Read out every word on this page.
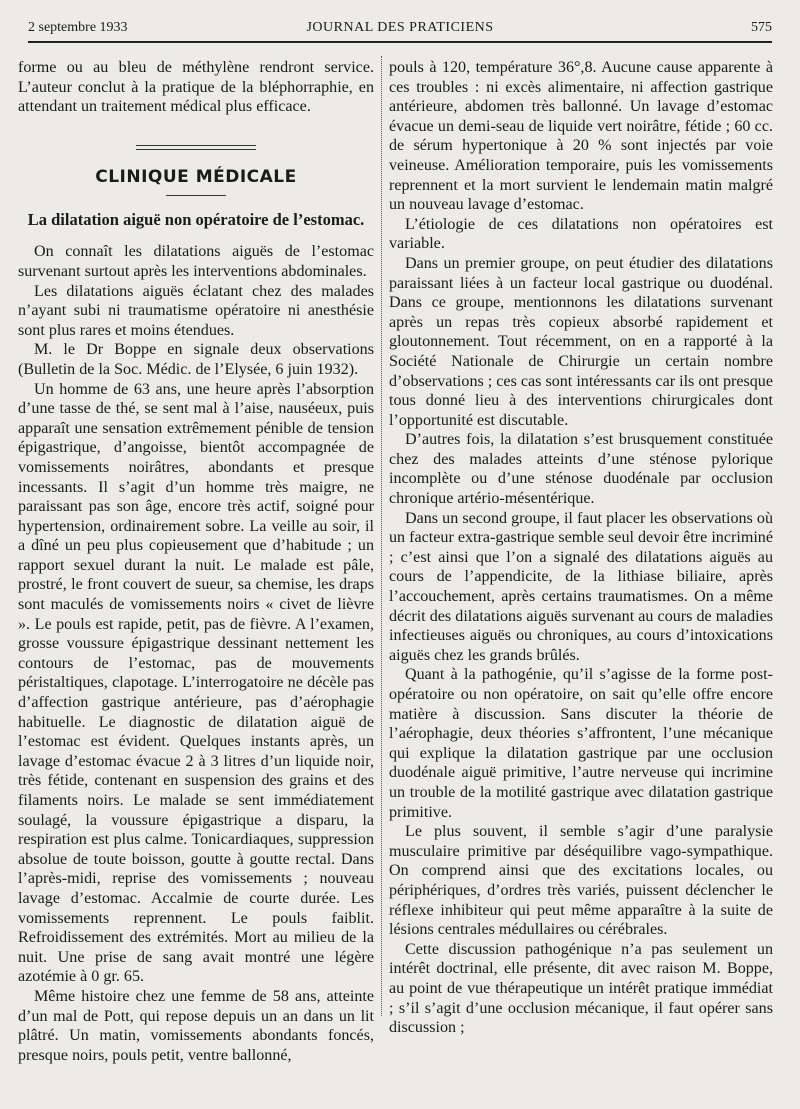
2 septembre 1933	JOURNAL DES PRATICIENS	575

forme ou au bleu de méthylène rendront service. L’auteur conclut à la pratique de la bléphorraphie, en attendant un traitement médical plus efficace.

CLINIQUE MÉDICALE
La dilatation aiguë non opératoire de l’estomac.

On connaît les dilatations aiguës de l’estomac survenant surtout après les interventions abdominales.

Les dilatations aiguës éclatant chez des malades n’ayant subi ni traumatisme opératoire ni anesthésie sont plus rares et moins étendues.

M. le Dr Boppe en signale deux observations (Bulletin de la Soc. Médic. de l’Elysée, 6 juin 1932).

Un homme de 63 ans, une heure après l’absorption d’une tasse de thé, se sent mal à l’aise, nauséeux, puis apparaît une sensation extrêmement pénible de tension épigastrique, d’angoisse, bientôt accompagnée de vomissements noirâtres, abondants et presque incessants. Il s’agit d’un homme très maigre, ne paraissant pas son âge, encore très actif, soigné pour hypertension, ordinairement sobre. La veille au soir, il a dîné un peu plus copieusement que d’habitude ; un rapport sexuel durant la nuit. Le malade est pâle, prostré, le front couvert de sueur, sa chemise, les draps sont maculés de vomissements noirs « civet de lièvre ». Le pouls est rapide, petit, pas de fièvre. A l’examen, grosse voussure épigastrique dessinant nettement les contours de l’estomac, pas de mouvements péristaltiques, clapotage. L’interrogatoire ne décèle pas d’affection gastrique antérieure, pas d’aérophagie habituelle. Le diagnostic de dilatation aiguë de l’estomac est évident. Quelques instants après, un lavage d’estomac évacue 2 à 3 litres d’un liquide noir, très fétide, contenant en suspension des grains et des filaments noirs. Le malade se sent immédiatement soulagé, la voussure épigastrique a disparu, la respiration est plus calme. Tonicardiaques, suppression absolue de toute boisson, goutte à goutte rectal. Dans l’après-midi, reprise des vomissements ; nouveau lavage d’estomac. Accalmie de courte durée. Les vomissements reprennent. Le pouls faiblit. Refroidissement des extrémités. Mort au milieu de la nuit. Une prise de sang avait montré une légère azotémie à 0 gr. 65.

Même histoire chez une femme de 58 ans, atteinte d’un mal de Pott, qui repose depuis un an dans un lit plâtré. Un matin, vomissements abondants foncés, presque noirs, pouls petit, ventre ballonné,

pouls à 120, température 36°,8. Aucune cause apparente à ces troubles : ni excès alimentaire, ni affection gastrique antérieure, abdomen très ballonné. Un lavage d’estomac évacue un demi-seau de liquide vert noirâtre, fétide ; 60 cc. de sérum hypertonique à 20 % sont injectés par voie veineuse. Amélioration temporaire, puis les vomissements reprennent et la mort survient le lendemain matin malgré un nouveau lavage d’estomac.

L’étiologie de ces dilatations non opératoires est variable.

Dans un premier groupe, on peut étudier des dilatations paraissant liées à un facteur local gastrique ou duodénal. Dans ce groupe, mentionnons les dilatations survenant après un repas très copieux absorbé rapidement et gloutonnement. Tout récemment, on en a rapporté à la Société Nationale de Chirurgie un certain nombre d’observations ; ces cas sont intéressants car ils ont presque tous donné lieu à des interventions chirurgicales dont l’opportunité est discutable.

D’autres fois, la dilatation s’est brusquement constituée chez des malades atteints d’une sténose pylorique incomplète ou d’une sténose duodénale par occlusion chronique artério-mésentérique.

Dans un second groupe, il faut placer les observations où un facteur extra-gastrique semble seul devoir être incriminé ; c’est ainsi que l’on a signalé des dilatations aiguës au cours de l’appendicite, de la lithiase biliaire, après l’accouchement, après certains traumatismes. On a même décrit des dilatations aiguës survenant au cours de maladies infectieuses aiguës ou chroniques, au cours d’intoxications aiguës chez les grands brûlés.

Quant à la pathogénie, qu’il s’agisse de la forme post-opératoire ou non opératoire, on sait qu’elle offre encore matière à discussion. Sans discuter la théorie de l’aérophagie, deux théories s’affrontent, l’une mécanique qui explique la dilatation gastrique par une occlusion duodénale aiguë primitive, l’autre nerveuse qui incrimine un trouble de la motilité gastrique avec dilatation gastrique primitive.

Le plus souvent, il semble s’agir d’une paralysie musculaire primitive par déséquilibre vago-sympathique. On comprend ainsi que des excitations locales, ou périphériques, d’ordres très variés, puissent déclencher le réflexe inhibiteur qui peut même apparaître à la suite de lésions centrales médullaires ou cérébrales.

Cette discussion pathogénique n’a pas seulement un intérêt doctrinal, elle présente, dit avec raison M. Boppe, au point de vue thérapeutique un intérêt pratique immédiat ; s’il s’agit d’une occlusion mécanique, il faut opérer sans discussion ;
